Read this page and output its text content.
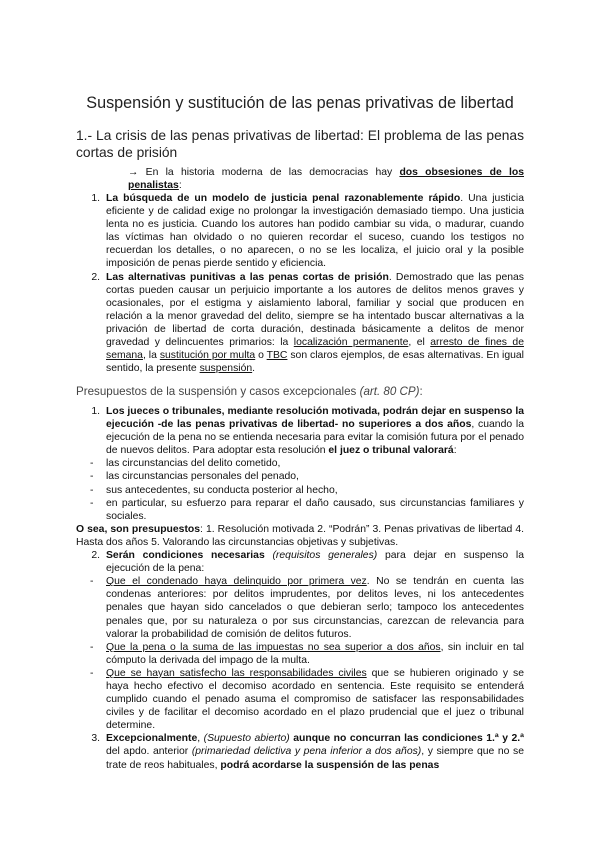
Suspensión y sustitución de las penas privativas de libertad
1.- La crisis de las penas privativas de libertad: El problema de las penas cortas de prisión
→ En la historia moderna de las democracias hay dos obsesiones de los penalistas:
1. La búsqueda de un modelo de justicia penal razonablemente rápido. Una justicia eficiente y de calidad exige no prolongar la investigación demasiado tiempo. Una justicia lenta no es justicia. Cuando los autores han podido cambiar su vida, o madurar, cuando las víctimas han olvidado o no quieren recordar el suceso, cuando los testigos no recuerdan los detalles, o no aparecen, o no se les localiza, el juicio oral y la posible imposición de penas pierde sentido y eficiencia.
2. Las alternativas punitivas a las penas cortas de prisión. Demostrado que las penas cortas pueden causar un perjuicio importante a los autores de delitos menos graves y ocasionales, por el estigma y aislamiento laboral, familiar y social que producen en relación a la menor gravedad del delito, siempre se ha intentado buscar alternativas a la privación de libertad de corta duración, destinada básicamente a delitos de menor gravedad y delincuentes primarios: la localización permanente, el arresto de fines de semana, la sustitución por multa o TBC son claros ejemplos, de esas alternativas. En igual sentido, la presente suspensión.
Presupuestos de la suspensión y casos excepcionales (art. 80 CP):
1. Los jueces o tribunales, mediante resolución motivada, podrán dejar en suspenso la ejecución -de las penas privativas de libertad- no superiores a dos años, cuando la ejecución de la pena no se entienda necesaria para evitar la comisión futura por el penado de nuevos delitos. Para adoptar esta resolución el juez o tribunal valorará:
-	las circunstancias del delito cometido,
-	las circunstancias personales del penado,
-	sus antecedentes, su conducta posterior al hecho,
-	en particular, su esfuerzo para reparar el daño causado, sus circunstancias familiares y sociales.
O sea, son presupuestos: 1. Resolución motivada 2. “Podrán” 3. Penas privativas de libertad 4. Hasta dos años 5. Valorando las circunstancias objetivas y subjetivas.
2. Serán condiciones necesarias (requisitos generales) para dejar en suspenso la ejecución de la pena:
-	Que el condenado haya delinquido por primera vez. No se tendrán en cuenta las condenas anteriores: por delitos imprudentes, por delitos leves, ni los antecedentes penales que hayan sido cancelados o que debieran serlo; tampoco los antecedentes penales que, por su naturaleza o por sus circunstancias, carezcan de relevancia para valorar la probabilidad de comisión de delitos futuros.
-	Que la pena o la suma de las impuestas no sea superior a dos años, sin incluir en tal cómputo la derivada del impago de la multa.
-	Que se hayan satisfecho las responsabilidades civiles que se hubieren originado y se haya hecho efectivo el decomiso acordado en sentencia. Este requisito se entenderá cumplido cuando el penado asuma el compromiso de satisfacer las responsabilidades civiles y de facilitar el decomiso acordado en el plazo prudencial que el juez o tribunal determine.
3. Excepcionalmente, (Supuesto abierto) aunque no concurran las condiciones 1.ª y 2.ª del apdo. anterior (primariedad delictiva y pena inferior a dos años), y siempre que no se trate de reos habituales, podrá acordarse la suspensión de las penas
